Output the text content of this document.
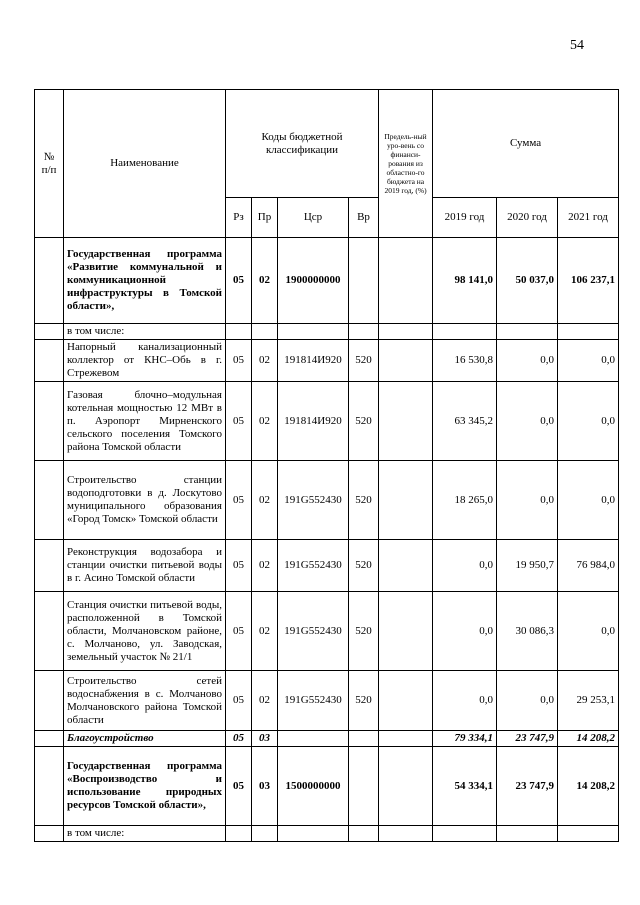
54
№ п/п	Наименование	Коды бюджетной классификации				Предель-ный уро-вень со финанси-рования из областно-го бюджета на 2019 год, (%)	Сумма		
		Рз	Пр	Цср	Вр		2019 год	2020 год	2021 год
	Государственная программа «Развитие коммунальной и коммуникационной инфраструктуры в Томской области»,	05	02	1900000000			98 141,0	50 037,0	106 237,1
	в том числе:								
	Напорный канализационный коллектор от КНС–Обь в г. Стрежевом	05	02	191814И920	520		16 530,8	0,0	0,0
	Газовая блочно–модульная котельная мощностью 12 МВт в п. Аэропорт Мирненского сельского поселения Томского района Томской области	05	02	191814И920	520		63 345,2	0,0	0,0
	Строительство станции водоподготовки в д. Лоскутово муниципального образования «Город Томск» Томской области	05	02	191G552430	520		18 265,0	0,0	0,0
	Реконструкция водозабора и станции очистки питьевой воды в г. Асино Томской области	05	02	191G552430	520		0,0	19 950,7	76 984,0
	Станция очистки питьевой воды, расположенной в Томской области, Молчановском районе, с. Молчаново, ул. Заводская, земельный участок № 21/1	05	02	191G552430	520		0,0	30 086,3	0,0
	Строительство сетей водоснабжения в с. Молчаново Молчановского района Томской области	05	02	191G552430	520		0,0	0,0	29 253,1
	Благоустройство	05	03				79 334,1	23 747,9	14 208,2
	Государственная программа «Воспроизводство и использование природных ресурсов Томской области»,	05	03	1500000000			54 334,1	23 747,9	14 208,2
	в том числе:								
